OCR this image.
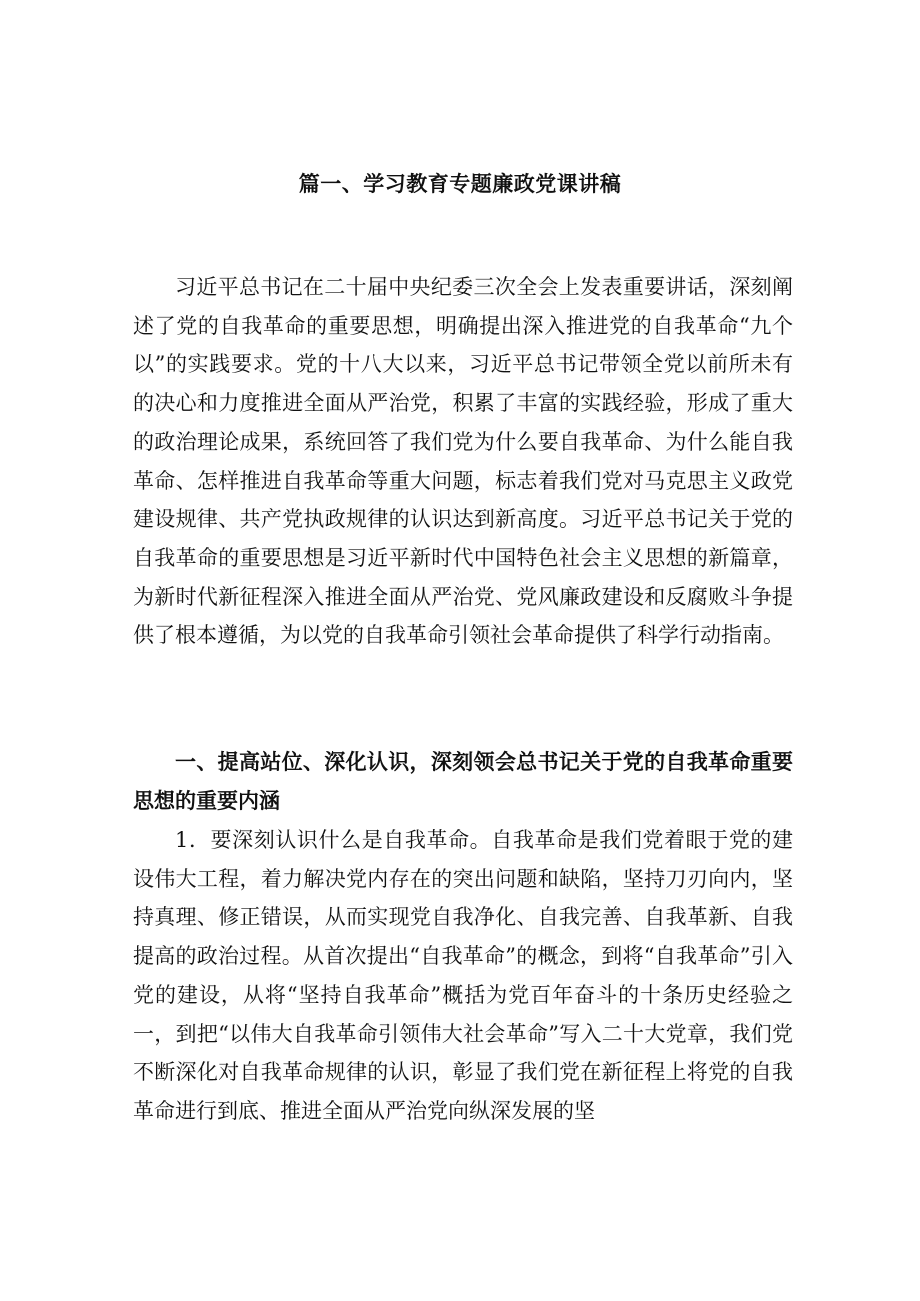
篇一、学习教育专题廉政党课讲稿

习近平总书记在二十届中央纪委三次全会上发表重要讲话，深刻阐述了党的自我革命的重要思想，明确提出深入推进党的自我革命“九个以”的实践要求。党的十八大以来，习近平总书记带领全党以前所未有的决心和力度推进全面从严治党，积累了丰富的实践经验，形成了重大的政治理论成果，系统回答了我们党为什么要自我革命、为什么能自我革命、怎样推进自我革命等重大问题，标志着我们党对马克思主义政党建设规律、共产党执政规律的认识达到新高度。习近平总书记关于党的自我革命的重要思想是习近平新时代中国特色社会主义思想的新篇章，为新时代新征程深入推进全面从严治党、党风廉政建设和反腐败斗争提供了根本遵循，为以党的自我革命引领社会革命提供了科学行动指南。

一、提高站位、深化认识，深刻领会总书记关于党的自我革命重要思想的重要内涵

1．要深刻认识什么是自我革命。自我革命是我们党着眼于党的建设伟大工程，着力解决党内存在的突出问题和缺陷，坚持刀刃向内，坚持真理、修正错误，从而实现党自我净化、自我完善、自我革新、自我提高的政治过程。从首次提出“自我革命”的概念，到将“自我革命”引入党的建设，从将“坚持自我革命”概括为党百年奋斗的十条历史经验之一，到把“以伟大自我革命引领伟大社会革命”写入二十大党章，我们党不断深化对自我革命规律的认识，彰显了我们党在新征程上将党的自我革命进行到底、推进全面从严治党向纵深发展的坚
